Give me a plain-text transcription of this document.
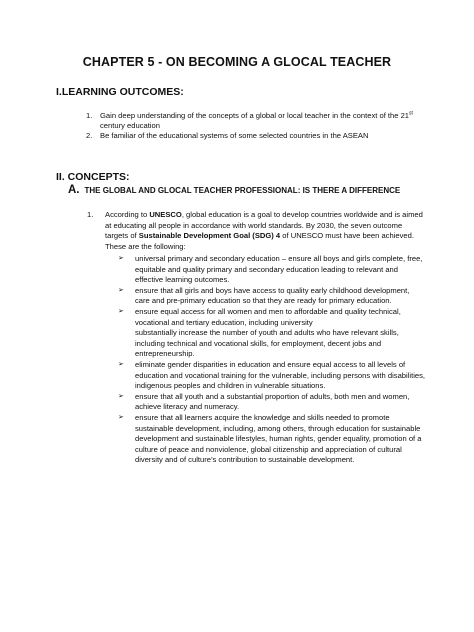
CHAPTER 5 - ON BECOMING A GLOCAL TEACHER
I.LEARNING OUTCOMES:
1.	Gain deep understanding of the concepts of a global or local teacher in the context of the 21st century education
2.	Be familiar of the educational systems of some selected countries in the ASEAN
II. CONCEPTS:
A. THE GLOBAL AND GLOCAL TEACHER PROFESSIONAL: IS THERE A DIFFERENCE
1.	According to UNESCO, global education is a goal to develop countries worldwide and is aimed at educating all people in accordance with world standards. By 2030, the seven outcome targets of Sustainable Development Goal (SDG) 4 of UNESCO must have been achieved. These are the following:
➢	universal primary and secondary education – ensure all boys and girls complete, free, equitable and quality primary and secondary education leading to relevant and effective learning outcomes.
➢	ensure that all girls and boys have access to quality early childhood development, care and pre-primary education so that they are ready for primary education.
➢	ensure equal access for all women and men to affordable and quality technical, vocational and tertiary education, including university
substantially increase the number of youth and adults who have relevant skills, including technical and vocational skills, for employment, decent jobs and entrepreneurship.
➢	eliminate gender disparities in education and ensure equal access to all levels of education and vocational training for the vulnerable, including persons with disabilities, indigenous peoples and children in vulnerable situations.
➢	ensure that all youth and a substantial proportion of adults, both men and women, achieve literacy and numeracy.
➢	ensure that all learners acquire the knowledge and skills needed to promote sustainable development, including, among others, through education for sustainable development and sustainable lifestyles, human rights, gender equality, promotion of a culture of peace and nonviolence, global citizenship and appreciation of cultural diversity and of culture’s contribution to sustainable development.
